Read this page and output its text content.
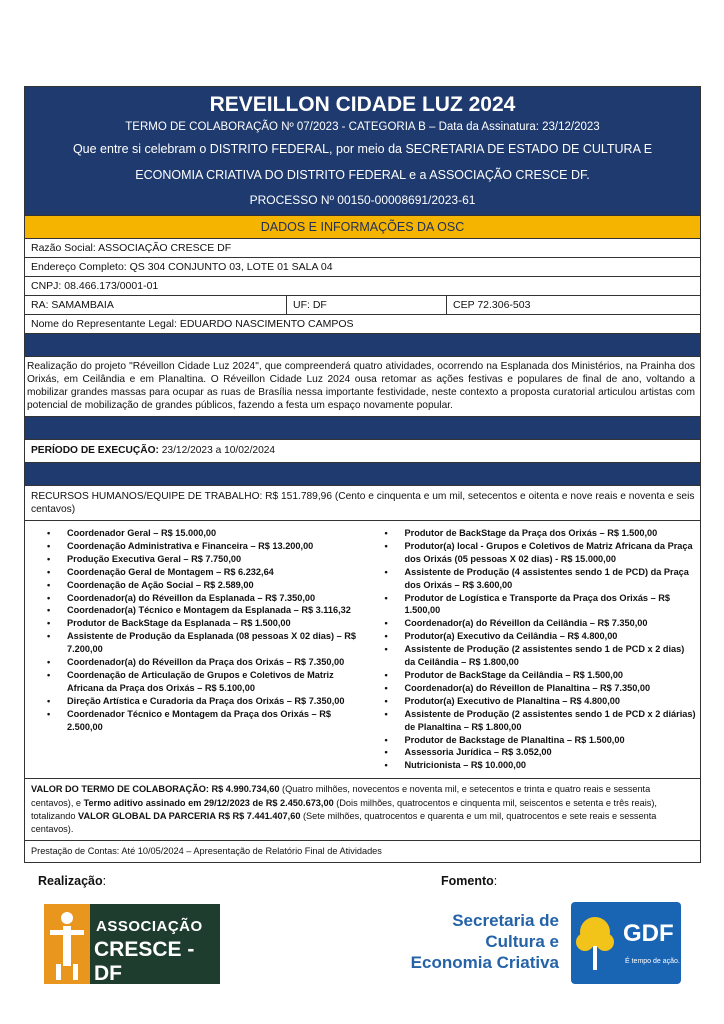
REVEILLON CIDADE LUZ 2024
TERMO DE COLABORAÇÃO Nº 07/2023 - CATEGORIA B – Data da Assinatura: 23/12/2023
Que entre si celebram o DISTRITO FEDERAL, por meio da SECRETARIA DE ESTADO DE CULTURA E
ECONOMIA CRIATIVA DO DISTRITO FEDERAL e a ASSOCIAÇÃO CRESCE DF.
PROCESSO Nº 00150-00008691/2023-61
DADOS E INFORMAÇÕES DA OSC
Razão Social: ASSOCIAÇÃO CRESCE DF
Endereço Completo: QS 304 CONJUNTO 03, LOTE 01 SALA 04
CNPJ: 08.466.173/0001-01
RA: SAMAMBAIA	UF: DF	CEP 72.306-503
Nome do Representante Legal: EDUARDO NASCIMENTO CAMPOS
Realização do projeto "Réveillon Cidade Luz 2024", que compreenderá quatro atividades, ocorrendo na Esplanada dos Ministérios, na Prainha dos Orixás, em Ceilândia e em Planaltina. O Réveillon Cidade Luz 2024 ousa retomar as ações festivas e populares de final de ano, voltando a mobilizar grandes massas para ocupar as ruas de Brasília nessa importante festividade, neste contexto a proposta curatorial articulou artistas com potencial de mobilização de grandes públicos, fazendo a festa um espaço novamente popular.
PERÍODO DE EXECUÇÃO: 23/12/2023 a 10/02/2024
RECURSOS HUMANOS/EQUIPE DE TRABALHO: R$ 151.789,96 (Cento e cinquenta e um mil, setecentos e oitenta e nove reais e noventa e seis centavos)
• Coordenador Geral – R$ 15.000,00
• Coordenação Administrativa e Financeira – R$ 13.200,00
• Produção Executiva Geral – R$ 7.750,00
• Coordenação Geral de Montagem – R$ 6.232,64
• Coordenação de Ação Social – R$ 2.589,00
• Coordenador(a) do Réveillon da Esplanada – R$ 7.350,00
• Coordenador(a) Técnico e Montagem da Esplanada – R$ 3.116,32
• Produtor de BackStage da Esplanada – R$ 1.500,00
• Assistente de Produção da Esplanada (08 pessoas X 02 dias) – R$ 7.200,00
• Coordenador(a) do Réveillon da Praça dos Orixás – R$ 7.350,00
• Coordenação de Articulação de Grupos e Coletivos de Matriz Africana da Praça dos Orixás – R$ 5.100,00
• Direção Artística e Curadoria da Praça dos Orixás – R$ 7.350,00
• Coordenador Técnico e Montagem da Praça dos Orixás – R$ 2.500,00
• Produtor de BackStage da Praça dos Orixás – R$ 1.500,00
• Produtor(a) local - Grupos e Coletivos de Matriz Africana da Praça dos Orixás (05 pessoas X 02 dias) - R$ 15.000,00
• Assistente de Produção (4 assistentes sendo 1 de PCD) da Praça dos Orixás – R$ 3.600,00
• Produtor de Logística e Transporte da Praça dos Orixás – R$ 1.500,00
• Coordenador(a) do Réveillon da Ceilândia – R$ 7.350,00
• Produtor(a) Executivo da Ceilândia – R$ 4.800,00
• Assistente de Produção (2 assistentes sendo 1 de PCD x 2 dias) da Ceilândia – R$ 1.800,00
• Produtor de BackStage da Ceilândia – R$ 1.500,00
• Coordenador(a) do Réveillon de Planaltina – R$ 7.350,00
• Produtor(a) Executivo de Planaltina – R$ 4.800,00
• Assistente de Produção (2 assistentes sendo 1 de PCD x 2 diárias) de Planaltina – R$ 1.800,00
• Produtor de Backstage de Planaltina – R$ 1.500,00
• Assessoria Jurídica – R$ 3.052,00
• Nutricionista – R$ 10.000,00
VALOR DO TERMO DE COLABORAÇÃO: R$ 4.990.734,60 (Quatro milhões, novecentos e noventa mil, e setecentos e trinta e quatro reais e sessenta centavos), e Termo aditivo assinado em 29/12/2023 de R$ 2.450.673,00 (Dois milhões, quatrocentos e cinquenta mil, seiscentos e setenta e três reais), totalizando VALOR GLOBAL DA PARCERIA R$ R$ 7.441.407,60 (Sete milhões, quatrocentos e quarenta e um mil, quatrocentos e sete reais e sessenta centavos).
Prestação de Contas: Até 10/05/2024 – Apresentação de Relatório Final de Atividades
Realização:	Fomento:
ASSOCIAÇÃO
CRESCE - DF
Secretaria de
Cultura e
Economia Criativa
GDF
É tempo de ação.
